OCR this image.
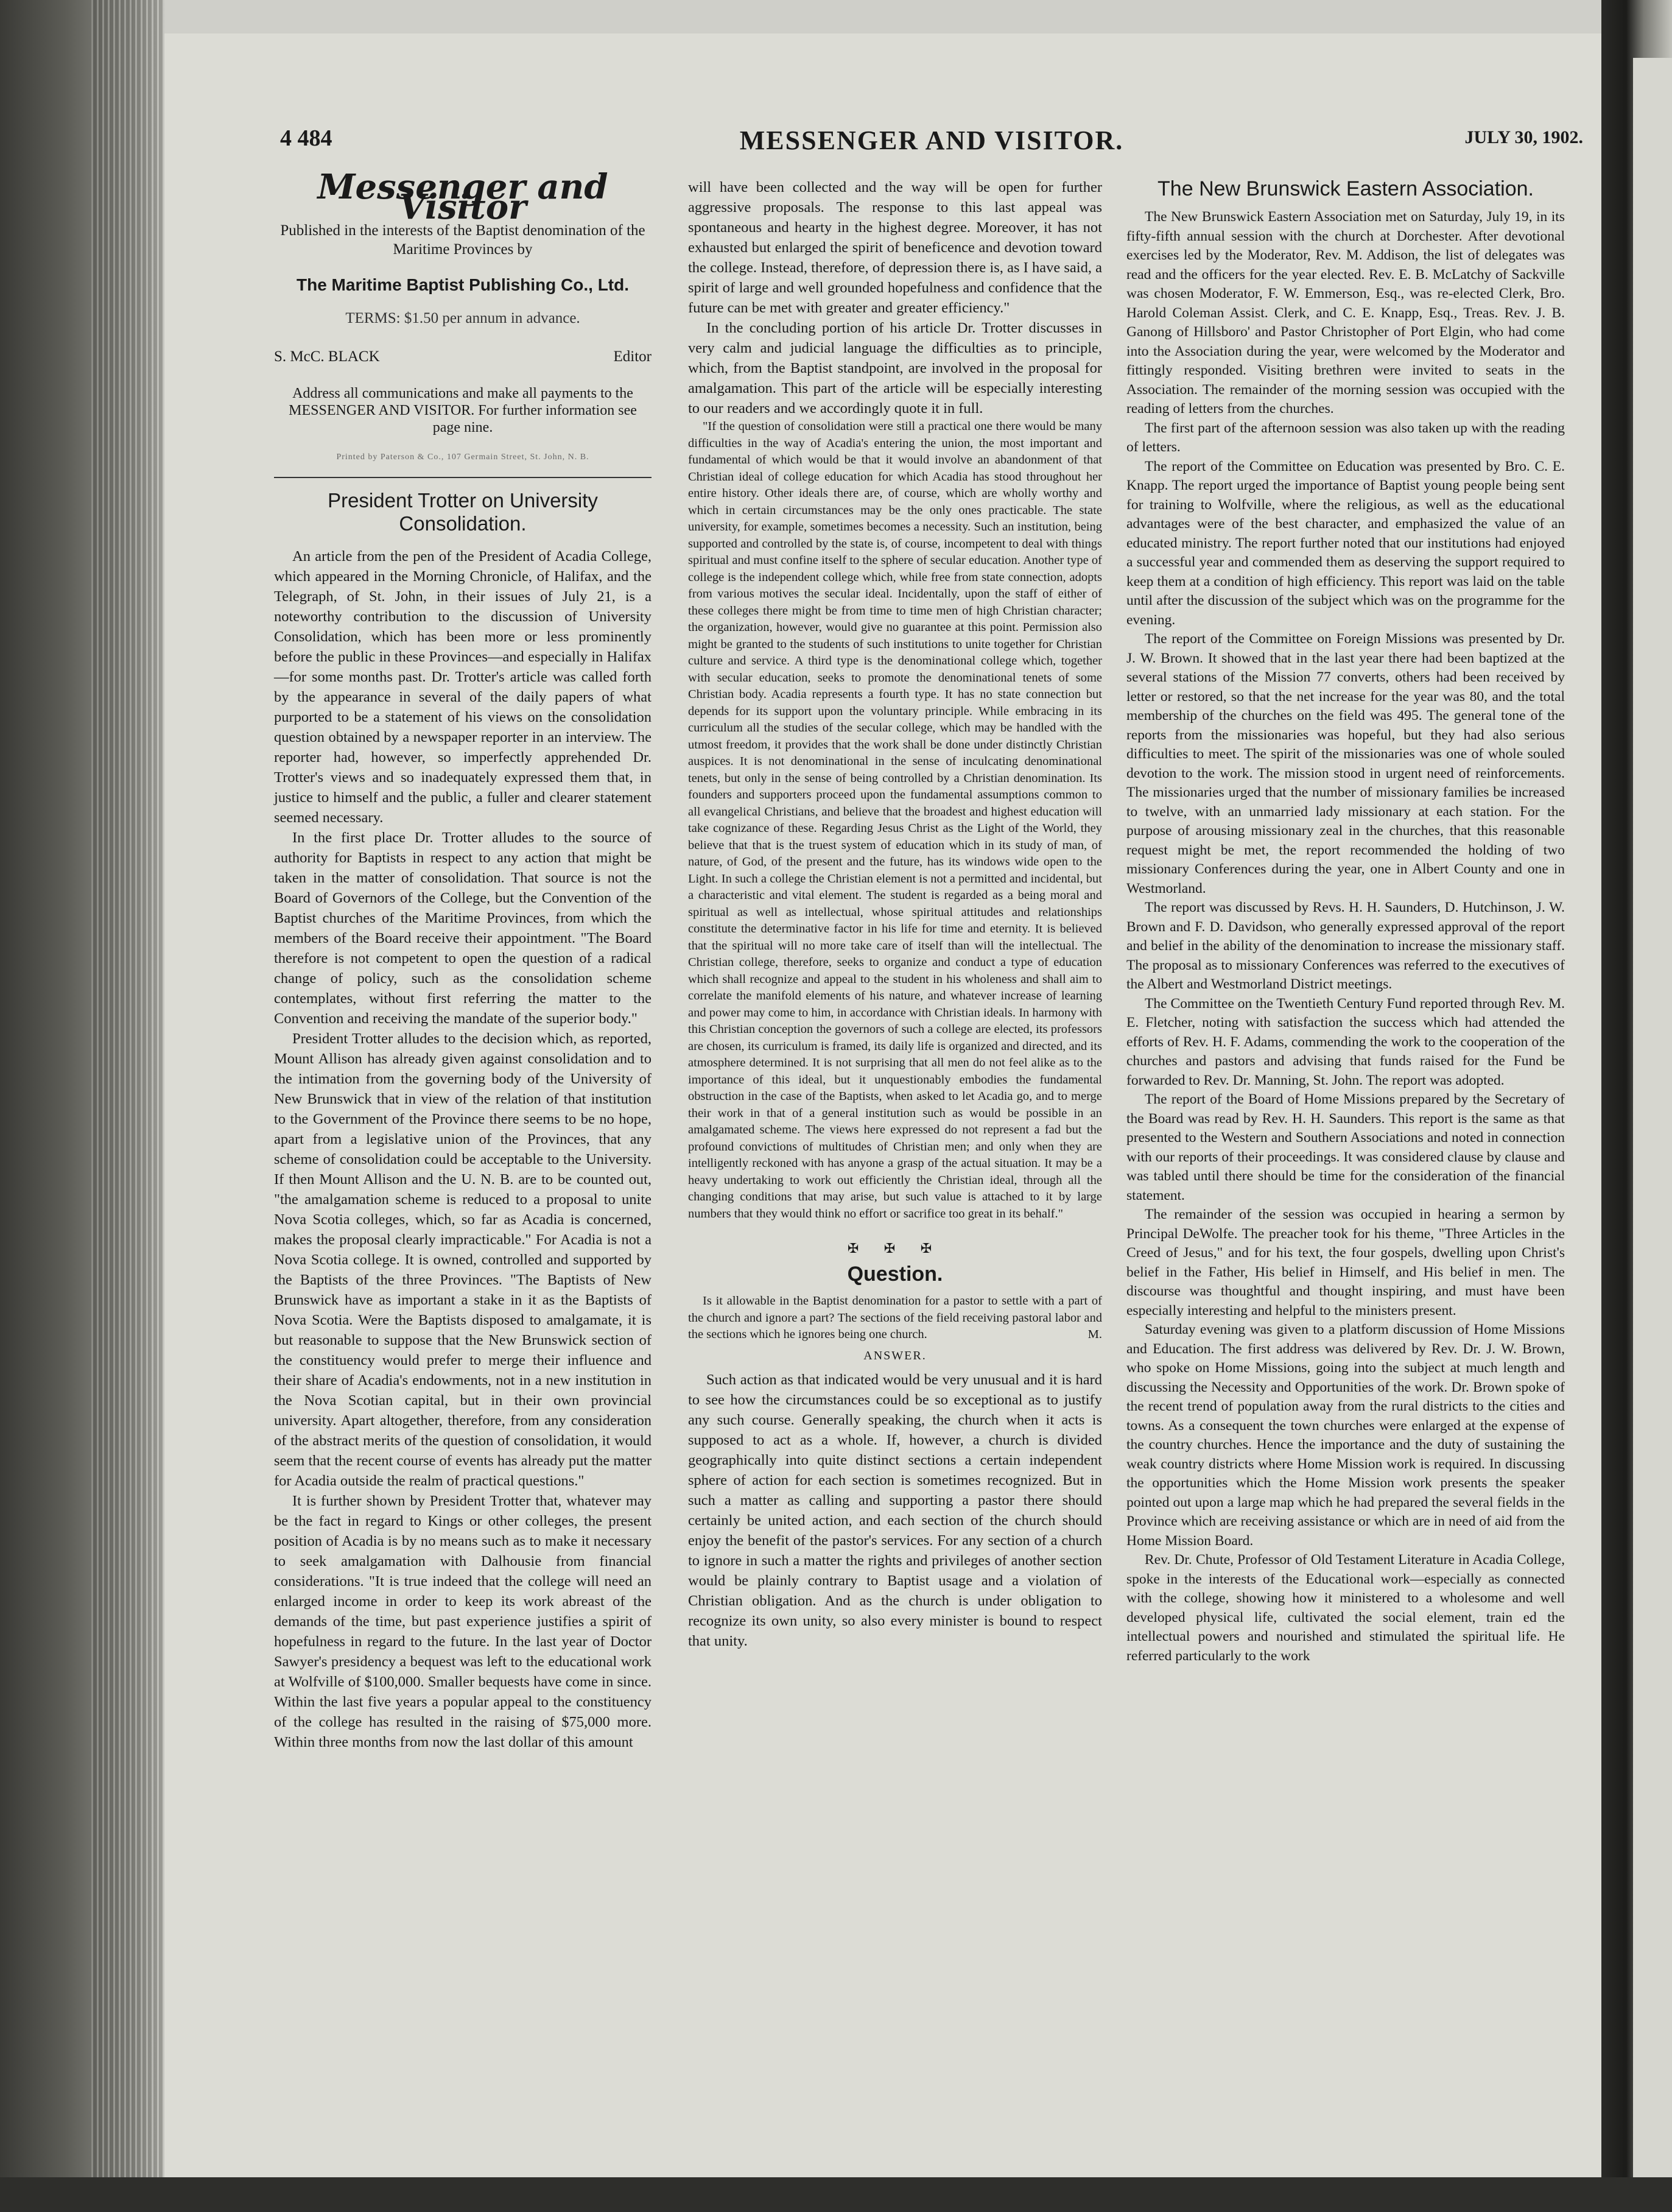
4 484	MESSENGER AND VISITOR.	JULY 30, 1902.
Messenger and Visitor
Published in the interests of the Baptist denomination of the Maritime Provinces by
The Maritime Baptist Publishing Co., Ltd.
TERMS: $1.50 per annum in advance.
S. McC. BLACK	Editor
Address all communications and make all payments to the MESSENGER AND VISITOR. For further information see page nine.
Printed by Paterson & Co., 107 Germain Street, St. John, N. B.
President Trotter on University Consolidation.

An article from the pen of the President of Acadia College, which appeared in the Morning Chronicle, of Halifax, and the Telegraph, of St. John, in their issues of July 21, is a noteworthy contribution to the discussion of University Consolidation, which has been more or less prominently before the public in these Provinces—and especially in Halifax—for some months past. Dr. Trotter's article was called forth by the appearance in several of the daily papers of what purported to be a statement of his views on the consolidation question obtained by a newspaper reporter in an interview. The reporter had, however, so imperfectly apprehended Dr. Trotter's views and so inadequately expressed them that, in justice to himself and the public, a fuller and clearer statement seemed necessary.

In the first place Dr. Trotter alludes to the source of authority for Baptists in respect to any action that might be taken in the matter of consolidation. That source is not the Board of Governors of the College, but the Convention of the Baptist churches of the Maritime Provinces, from which the members of the Board receive their appointment. "The Board therefore is not competent to open the question of a radical change of policy, such as the consolidation scheme contemplates, without first referring the matter to the Convention and receiving the mandate of the superior body."

President Trotter alludes to the decision which, as reported, Mount Allison has already given against consolidation and to the intimation from the governing body of the University of New Brunswick that in view of the relation of that institution to the Government of the Province there seems to be no hope, apart from a legislative union of the Provinces, that any scheme of consolidation could be acceptable to the University. If then Mount Allison and the U. N. B. are to be counted out, "the amalgamation scheme is reduced to a proposal to unite Nova Scotia colleges, which, so far as Acadia is concerned, makes the proposal clearly impracticable." For Acadia is not a Nova Scotia college. It is owned, controlled and supported by the Baptists of the three Provinces. "The Baptists of New Brunswick have as important a stake in it as the Baptists of Nova Scotia. Were the Baptists disposed to amalgamate, it is but reasonable to suppose that the New Brunswick section of the constituency would prefer to merge their influence and their share of Acadia's endowments, not in a new institution in the Nova Scotian capital, but in their own provincial university. Apart altogether, therefore, from any consideration of the abstract merits of the question of consolidation, it would seem that the recent course of events has already put the matter for Acadia outside the realm of practical questions."

It is further shown by President Trotter that, whatever may be the fact in regard to Kings or other colleges, the present position of Acadia is by no means such as to make it necessary to seek amalgamation with Dalhousie from financial considerations. "It is true indeed that the college will need an enlarged income in order to keep its work abreast of the demands of the time, but past experience justifies a spirit of hopefulness in regard to the future. In the last year of Doctor Sawyer's presidency a bequest was left to the educational work at Wolfville of $100,000. Smaller bequests have come in since. Within the last five years a popular appeal to the constituency of the college has resulted in the raising of $75,000 more. Within three months from now the last dollar of this amount

will have been collected and the way will be open for further aggressive proposals. The response to this last appeal was spontaneous and hearty in the highest degree. Moreover, it has not exhausted but enlarged the spirit of beneficence and devotion toward the college. Instead, therefore, of depression there is, as I have said, a spirit of large and well grounded hopefulness and confidence that the future can be met with greater and greater efficiency."

In the concluding portion of his article Dr. Trotter discusses in very calm and judicial language the difficulties as to principle, which, from the Baptist standpoint, are involved in the proposal for amalgamation. This part of the article will be especially interesting to our readers and we accordingly quote it in full.

"If the question of consolidation were still a practical one there would be many difficulties in the way of Acadia's entering the union, the most important and fundamental of which would be that it would involve an abandonment of that Christian ideal of college education for which Acadia has stood throughout her entire history. Other ideals there are, of course, which are wholly worthy and which in certain circumstances may be the only ones practicable. The state university, for example, sometimes becomes a necessity. Such an institution, being supported and controlled by the state is, of course, incompetent to deal with things spiritual and must confine itself to the sphere of secular education. Another type of college is the independent college which, while free from state connection, adopts from various motives the secular ideal. Incidentally, upon the staff of either of these colleges there might be from time to time men of high Christian character; the organization, however, would give no guarantee at this point. Permission also might be granted to the students of such institutions to unite together for Christian culture and service. A third type is the denominational college which, together with secular education, seeks to promote the denominational tenets of some Christian body. Acadia represents a fourth type. It has no state connection but depends for its support upon the voluntary principle. While embracing in its curriculum all the studies of the secular college, which may be handled with the utmost freedom, it provides that the work shall be done under distinctly Christian auspices. It is not denominational in the sense of inculcating denominational tenets, but only in the sense of being controlled by a Christian denomination. Its founders and supporters proceed upon the fundamental assumptions common to all evangelical Christians, and believe that the broadest and highest education will take cognizance of these. Regarding Jesus Christ as the Light of the World, they believe that that is the truest system of education which in its study of man, of nature, of God, of the present and the future, has its windows wide open to the Light. In such a college the Christian element is not a permitted and incidental, but a characteristic and vital element. The student is regarded as a being moral and spiritual as well as intellectual, whose spiritual attitudes and relationships constitute the determinative factor in his life for time and eternity. It is believed that the spiritual will no more take care of itself than will the intellectual. The Christian college, therefore, seeks to organize and conduct a type of education which shall recognize and appeal to the student in his wholeness and shall aim to correlate the manifold elements of his nature, and whatever increase of learning and power may come to him, in accordance with Christian ideals. In harmony with this Christian conception the governors of such a college are elected, its professors are chosen, its curriculum is framed, its daily life is organized and directed, and its atmosphere determined. It is not surprising that all men do not feel alike as to the importance of this ideal, but it unquestionably embodies the fundamental obstruction in the case of the Baptists, when asked to let Acadia go, and to merge their work in that of a general institution such as would be possible in an amalgamated scheme. The views here expressed do not represent a fad but the profound convictions of multitudes of Christian men; and only when they are intelligently reckoned with has anyone a grasp of the actual situation. It may be a heavy undertaking to work out efficiently the Christian ideal, through all the changing conditions that may arise, but such value is attached to it by large numbers that they would think no effort or sacrifice too great in its behalf."

✠ ✠ ✠
Question.

Is it allowable in the Baptist denomination for a pastor to settle with a part of the church and ignore a part? The sections of the field receiving pastoral labor and the sections which he ignores being one church.	M.

ANSWER.

Such action as that indicated would be very unusual and it is hard to see how the circumstances could be so exceptional as to justify any such course. Generally speaking, the church when it acts is supposed to act as a whole. If, however, a church is divided geographically into quite distinct sections a certain independent sphere of action for each section is sometimes recognized. But in such a matter as calling and supporting a pastor there should certainly be united action, and each section of the church should enjoy the benefit of the pastor's services. For any section of a church to ignore in such a matter the rights and privileges of another section would be plainly contrary to Baptist usage and a violation of Christian obligation. And as the church is under obligation to recognize its own unity, so also every minister is bound to respect that unity.

The New Brunswick Eastern Association.

The New Brunswick Eastern Association met on Saturday, July 19, in its fifty-fifth annual session with the church at Dorchester. After devotional exercises led by the Moderator, Rev. M. Addison, the list of delegates was read and the officers for the year elected. Rev. E. B. McLatchy of Sackville was chosen Moderator, F. W. Emmerson, Esq., was re-elected Clerk, Bro. Harold Coleman Assist. Clerk, and C. E. Knapp, Esq., Treas. Rev. J. B. Ganong of Hillsboro' and Pastor Christopher of Port Elgin, who had come into the Association during the year, were welcomed by the Moderator and fittingly responded. Visiting brethren were invited to seats in the Association. The remainder of the morning session was occupied with the reading of letters from the churches.

The first part of the afternoon session was also taken up with the reading of letters.

The report of the Committee on Education was presented by Bro. C. E. Knapp. The report urged the importance of Baptist young people being sent for training to Wolfville, where the religious, as well as the educational advantages were of the best character, and emphasized the value of an educated ministry. The report further noted that our institutions had enjoyed a successful year and commended them as deserving the support required to keep them at a condition of high efficiency. This report was laid on the table until after the discussion of the subject which was on the programme for the evening.

The report of the Committee on Foreign Missions was presented by Dr. J. W. Brown. It showed that in the last year there had been baptized at the several stations of the Mission 77 converts, others had been received by letter or restored, so that the net increase for the year was 80, and the total membership of the churches on the field was 495. The general tone of the reports from the missionaries was hopeful, but they had also serious difficulties to meet. The spirit of the missionaries was one of whole souled devotion to the work. The mission stood in urgent need of reinforcements. The missionaries urged that the number of missionary families be increased to twelve, with an unmarried lady missionary at each station. For the purpose of arousing missionary zeal in the churches, that this reasonable request might be met, the report recommended the holding of two missionary Conferences during the year, one in Albert County and one in Westmorland.

The report was discussed by Revs. H. H. Saunders, D. Hutchinson, J. W. Brown and F. D. Davidson, who generally expressed approval of the report and belief in the ability of the denomination to increase the missionary staff. The proposal as to missionary Conferences was referred to the executives of the Albert and Westmorland District meetings.

The Committee on the Twentieth Century Fund reported through Rev. M. E. Fletcher, noting with satisfaction the success which had attended the efforts of Rev. H. F. Adams, commending the work to the cooperation of the churches and pastors and advising that funds raised for the Fund be forwarded to Rev. Dr. Manning, St. John. The report was adopted.

The report of the Board of Home Missions prepared by the Secretary of the Board was read by Rev. H. H. Saunders. This report is the same as that presented to the Western and Southern Associations and noted in connection with our reports of their proceedings. It was considered clause by clause and was tabled until there should be time for the consideration of the financial statement.

The remainder of the session was occupied in hearing a sermon by Principal DeWolfe. The preacher took for his theme, "Three Articles in the Creed of Jesus," and for his text, the four gospels, dwelling upon Christ's belief in the Father, His belief in Himself, and His belief in men. The discourse was thoughtful and thought inspiring, and must have been especially interesting and helpful to the ministers present.

Saturday evening was given to a platform discussion of Home Missions and Education. The first address was delivered by Rev. Dr. J. W. Brown, who spoke on Home Missions, going into the subject at much length and discussing the Necessity and Opportunities of the work. Dr. Brown spoke of the recent trend of population away from the rural districts to the cities and towns. As a consequent the town churches were enlarged at the expense of the country churches. Hence the importance and the duty of sustaining the weak country districts where Home Mission work is required. In discussing the opportunities which the Home Mission work presents the speaker pointed out upon a large map which he had prepared the several fields in the Province which are receiving assistance or which are in need of aid from the Home Mission Board.

Rev. Dr. Chute, Professor of Old Testament Literature in Acadia College, spoke in the interests of the Educational work—especially as connected with the college, showing how it ministered to a wholesome and well developed physical life, cultivated the social element, train ed the intellectual powers and nourished and stimulated the spiritual life. He referred particularly to the work
